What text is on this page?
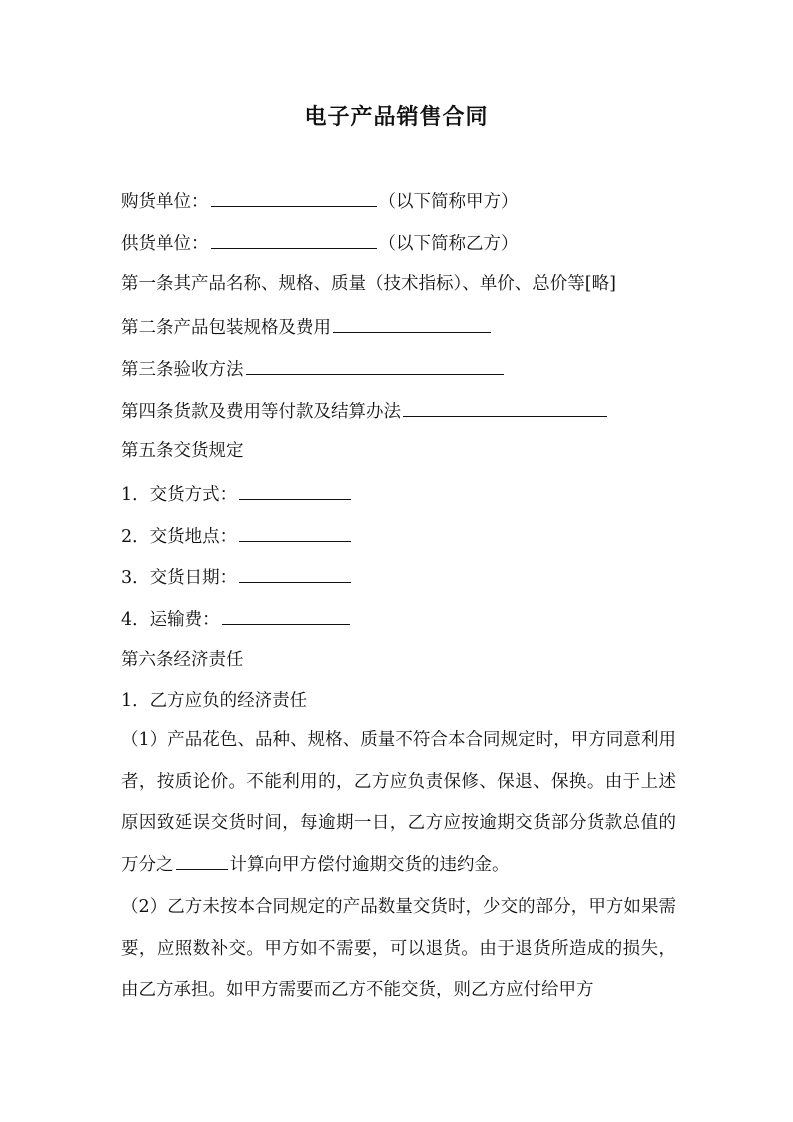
电子产品销售合同
购货单位：	（以下简称甲方）
供货单位：	（以下简称乙方）
第一条其产品名称、规格、质量（技术指标）、单价、总价等[略]
第二条产品包装规格及费用
第三条验收方法
第四条货款及费用等付款及结算办法
第五条交货规定
1．交货方式：
2．交货地点：
3．交货日期：
4．运输费：
第六条经济责任
1．乙方应负的经济责任
（1）产品花色、品种、规格、质量不符合本合同规定时，甲方同意利用者，按质论价。不能利用的，乙方应负责保修、保退、保换。由于上述原因致延误交货时间，每逾期一日，乙方应按逾期交货部分货款总值的万分之	计算向甲方偿付逾期交货的违约金。
（2）乙方未按本合同规定的产品数量交货时，少交的部分，甲方如果需要，应照数补交。甲方如不需要，可以退货。由于退货所造成的损失，由乙方承担。如甲方需要而乙方不能交货，则乙方应付给甲方
